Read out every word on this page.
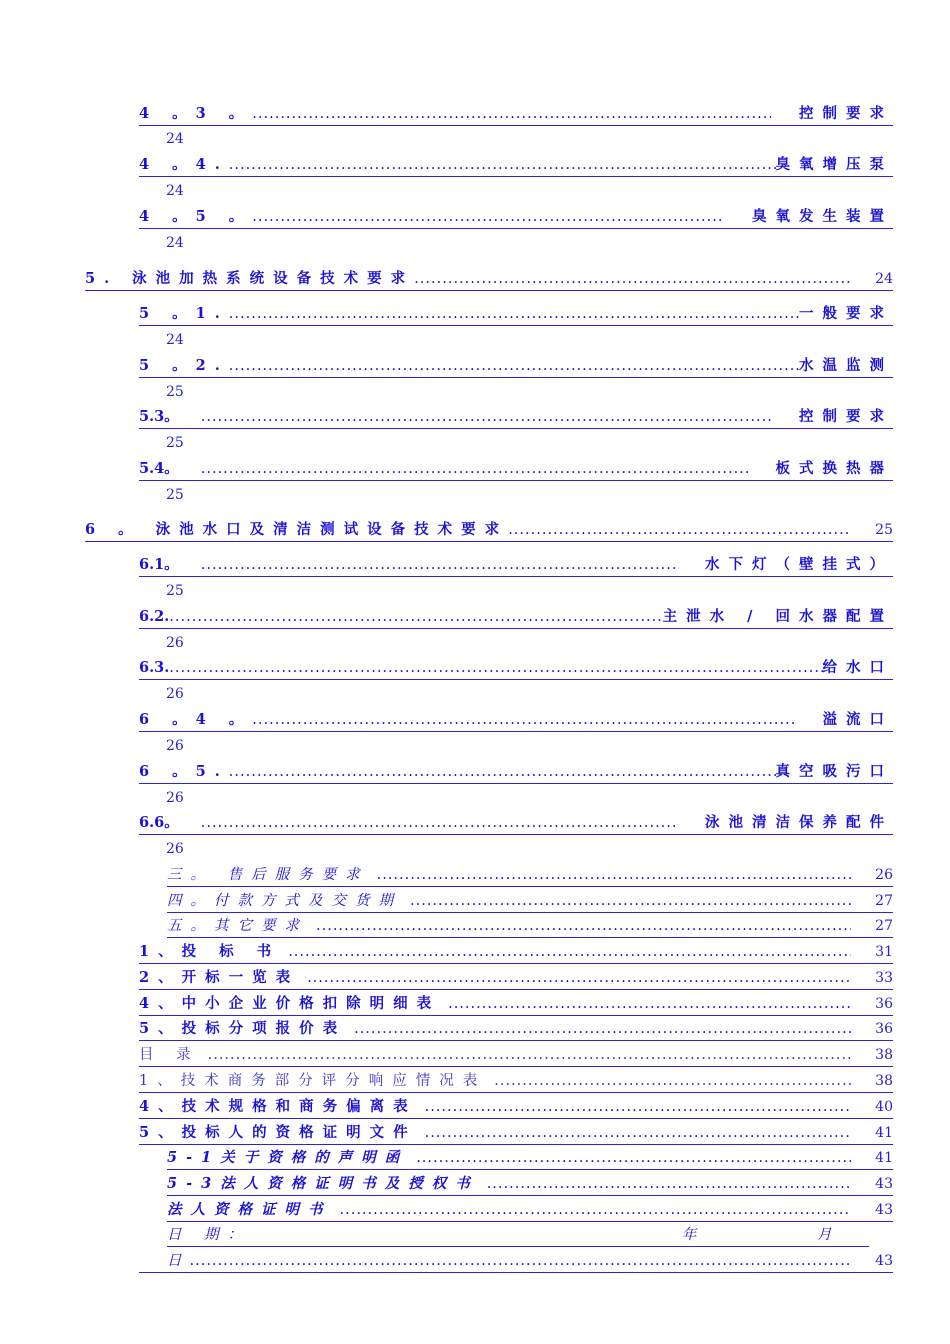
4 。3 。 .....	控制要求
24
4 。4. .....	臭氧增压泵
24
4 。5 。 .....	臭氧发生装置
24
5. 泳池加热系统设备技术要求 .....	24
5 。1. .....	一般要求
24
5 。2. .....	水温监测
25
5.3。 .....	控制要求
25
5.4。 .....	板式换热器
25
6 。 泳池水口及清洁测试设备技术要求 .....	25
6.1。 .....	水下灯（壁挂式）
25
6.2. .....	主泄水 / 回水器配置
26
6.3. .....	给水口
26
6 。4 。 .....	溢流口
26
6 。5. .....	真空吸污口
26
6.6。 .....	泳池清洁保养配件
26
三。 售后服务要求 .....	26
四。付款方式及交货期 .....	27
五。其它要求 .....	27
1、投 标 书 .....	31
2、开标一览表 .....	33
4、中小企业价格扣除明细表 .....	36
5、投标分项报价表 .....	36
目 录 .....	38
1、技术商务部分评分响应情况表 .....	38
4、技术规格和商务偏离表 .....	40
5、投标人的资格证明文件 .....	41
5-1关于资格的声明函 .....	41
5-3法人资格证明书及授权书 .....	43
法人资格证明书 .....	43
日 期：	年	月
日 .....	43
